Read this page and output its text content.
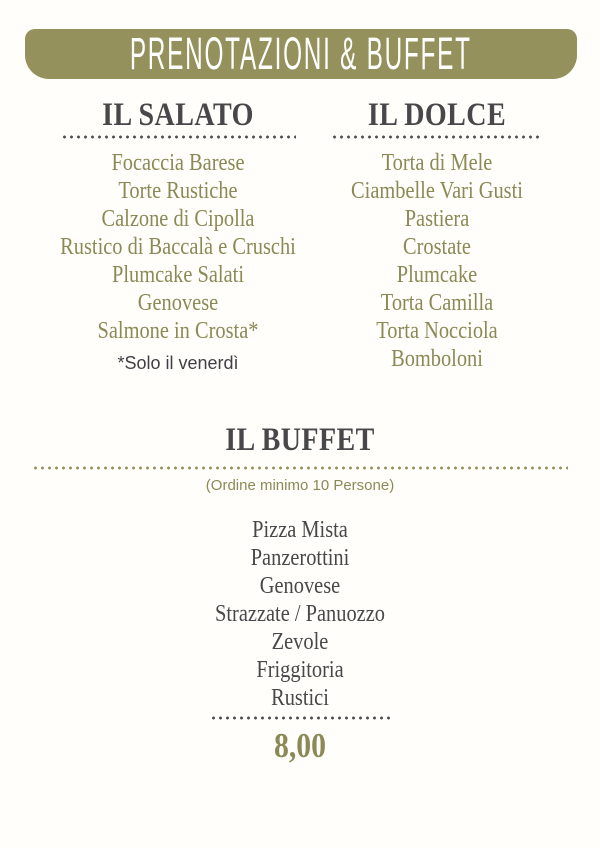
PRENOTAZIONI & BUFFET
IL SALATO
Focaccia Barese
Torte Rustiche
Calzone di Cipolla
Rustico di Baccalà e Cruschi
Plumcake Salati
Genovese
Salmone in Crosta*
*Solo il venerdì
IL DOLCE
Torta di Mele
Ciambelle Vari Gusti
Pastiera
Crostate
Plumcake
Torta Camilla
Torta Nocciola
Bomboloni
IL BUFFET
(Ordine minimo 10 Persone)
Pizza Mista
Panzerottini
Genovese
Strazzate / Panuozzo
Zevole
Friggitoria
Rustici
8,00
